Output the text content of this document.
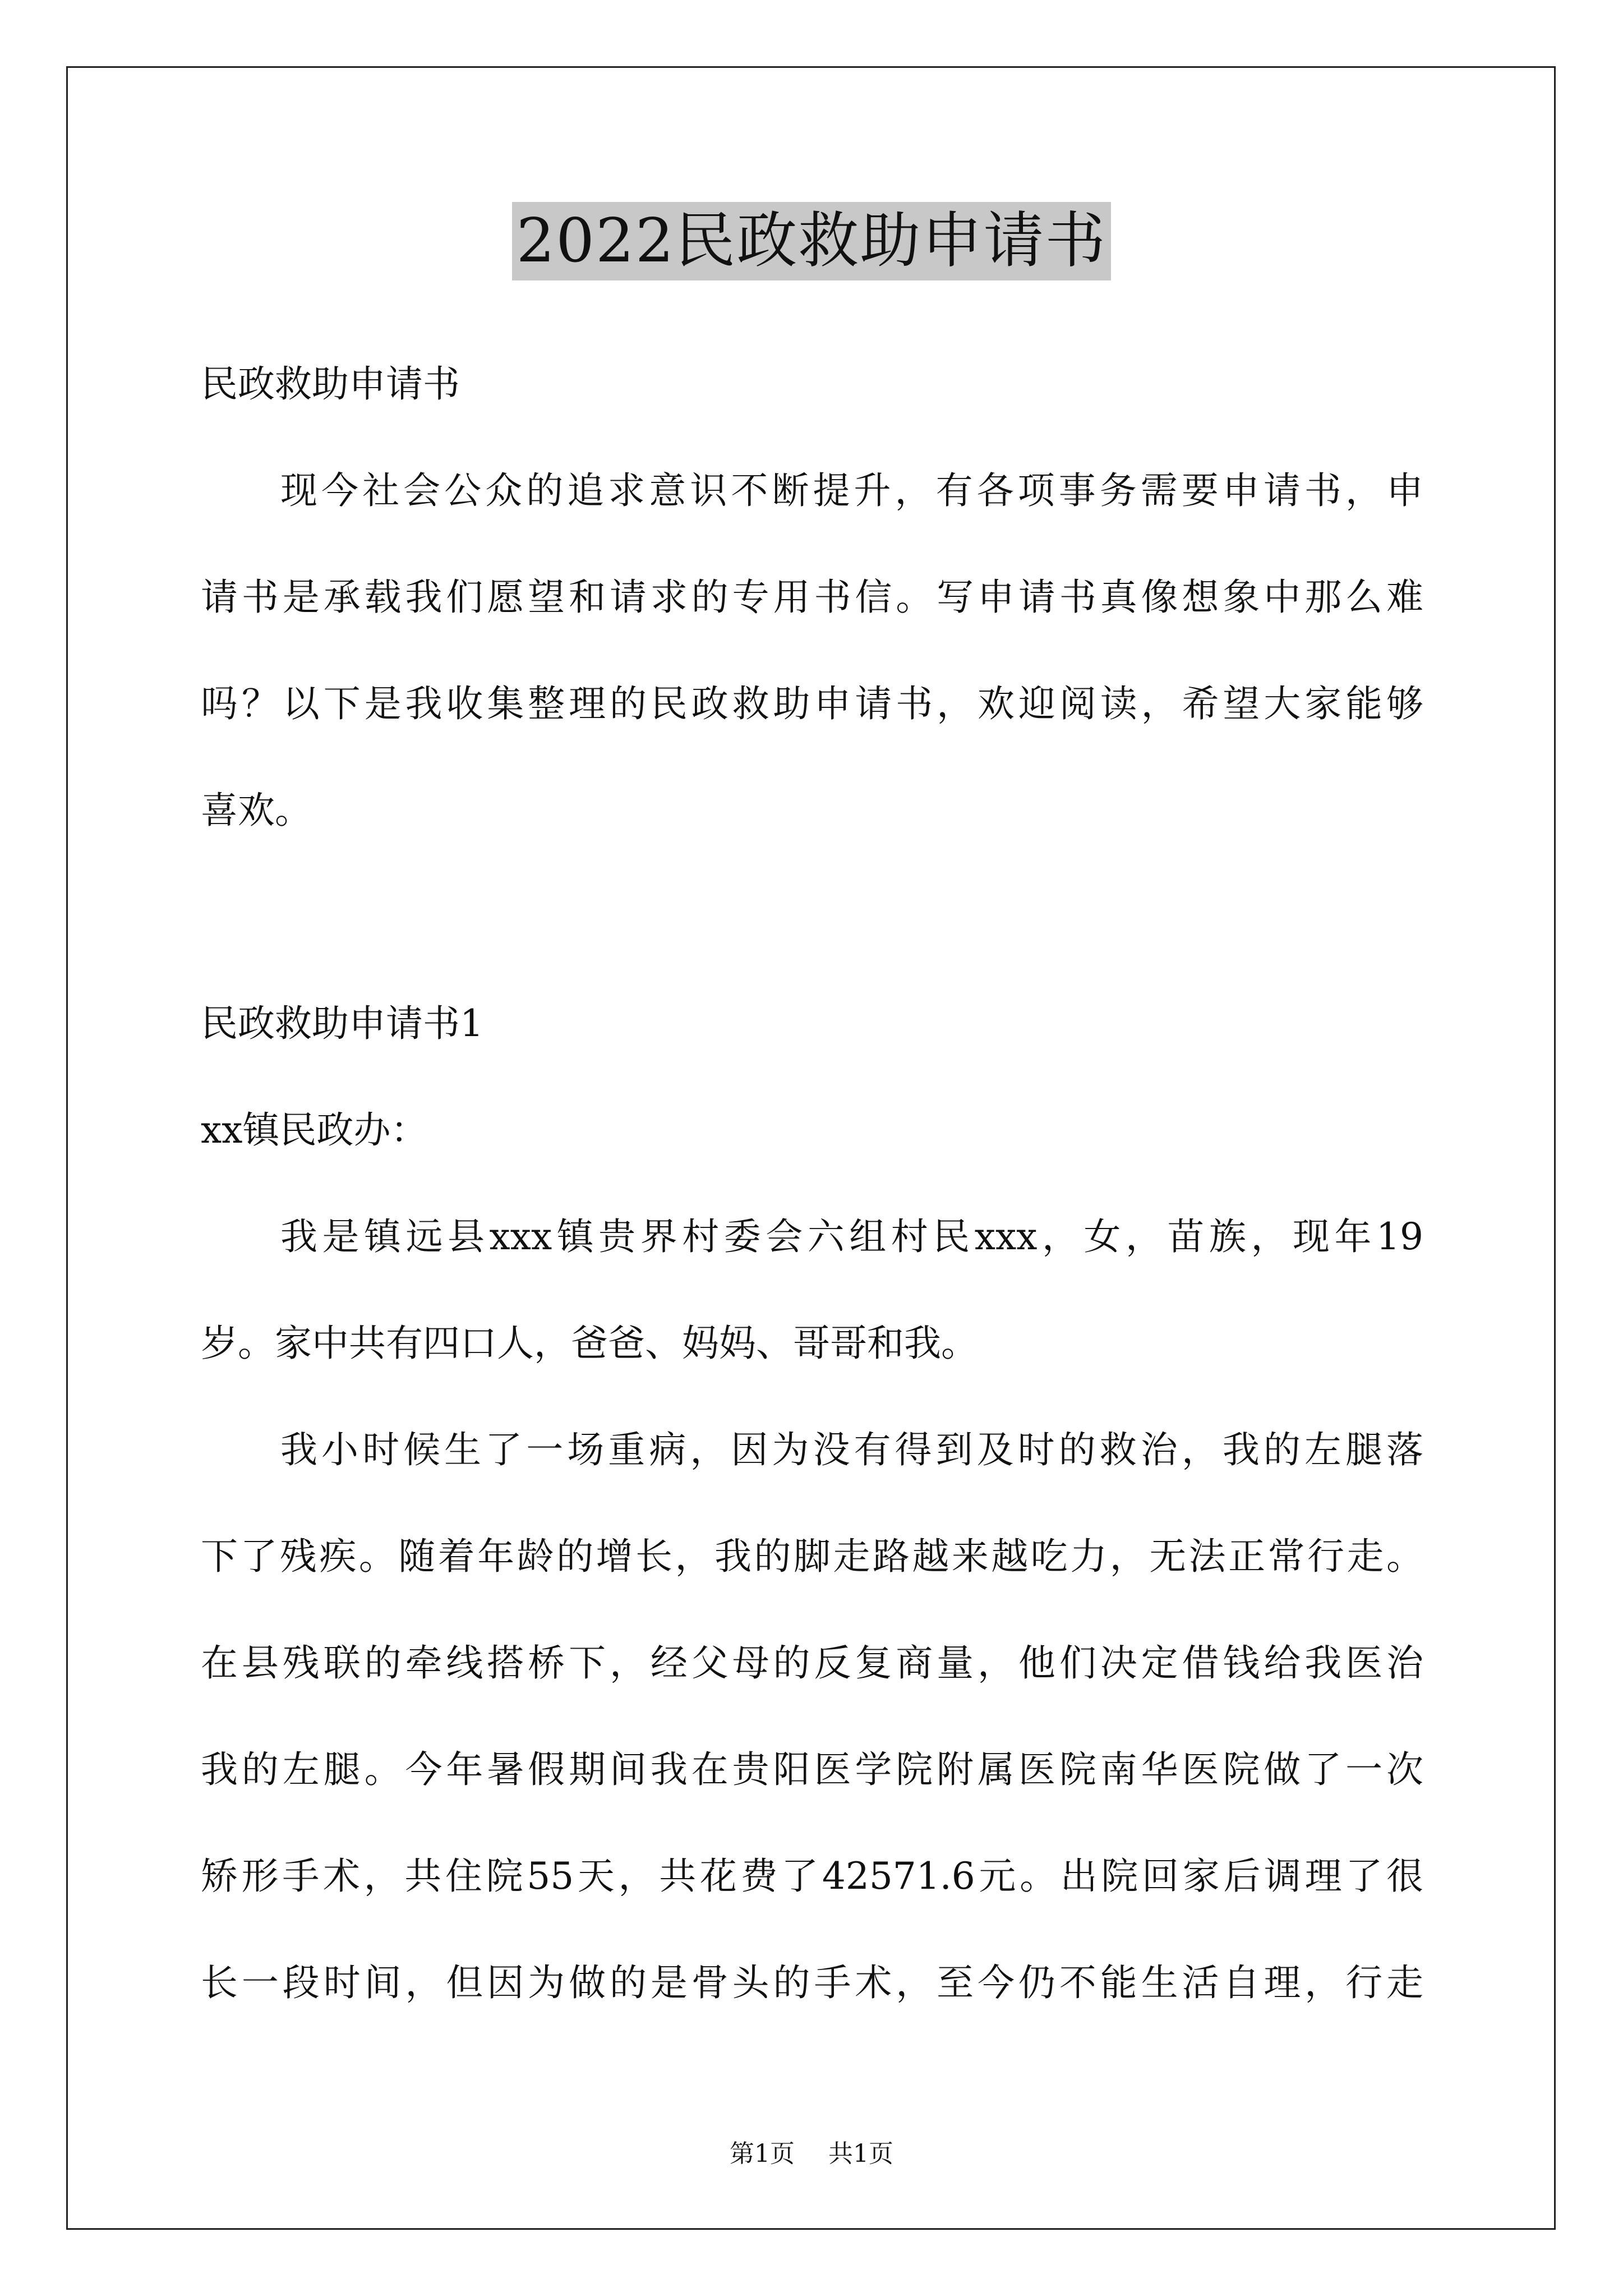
2022民政救助申请书
民政救助申请书
现今社会公众的追求意识不断提升，有各项事务需要申请书，申
请书是承载我们愿望和请求的专用书信。写申请书真像想象中那么难
吗？以下是我收集整理的民政救助申请书，欢迎阅读，希望大家能够
喜欢。
民政救助申请书1
xx镇民政办：
我是镇远县xxx镇贵界村委会六组村民xxx，女，苗族，现年19
岁。家中共有四口人，爸爸、妈妈、哥哥和我。
我小时候生了一场重病，因为没有得到及时的救治，我的左腿落
下了残疾。随着年龄的增长，我的脚走路越来越吃力，无法正常行走。
在县残联的牵线搭桥下，经父母的反复商量，他们决定借钱给我医治
我的左腿。今年暑假期间我在贵阳医学院附属医院南华医院做了一次
矫形手术，共住院55天，共花费了42571.6元。出院回家后调理了很
长一段时间，但因为做的是骨头的手术，至今仍不能生活自理，行走
第1页 共1页
